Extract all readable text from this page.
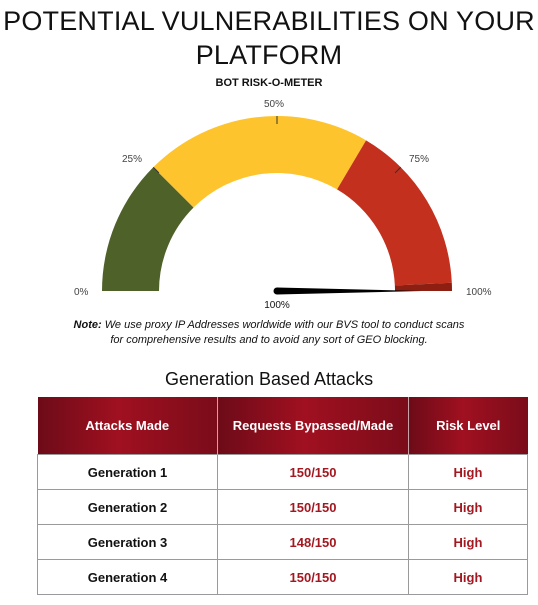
POTENTIAL VULNERABILITIES ON YOUR
PLATFORM
BOT RISK-O-METER
0%
25%
50%
75%
100%
100%
Note: We use proxy IP Addresses worldwide with our BVS tool to conduct scans
for comprehensive results and to avoid any sort of GEO blocking.
Generation Based Attacks
Attacks Made	Requests Bypassed/Made	Risk Level
Generation 1	150/150	High
Generation 2	150/150	High
Generation 3	148/150	High
Generation 4	150/150	High
